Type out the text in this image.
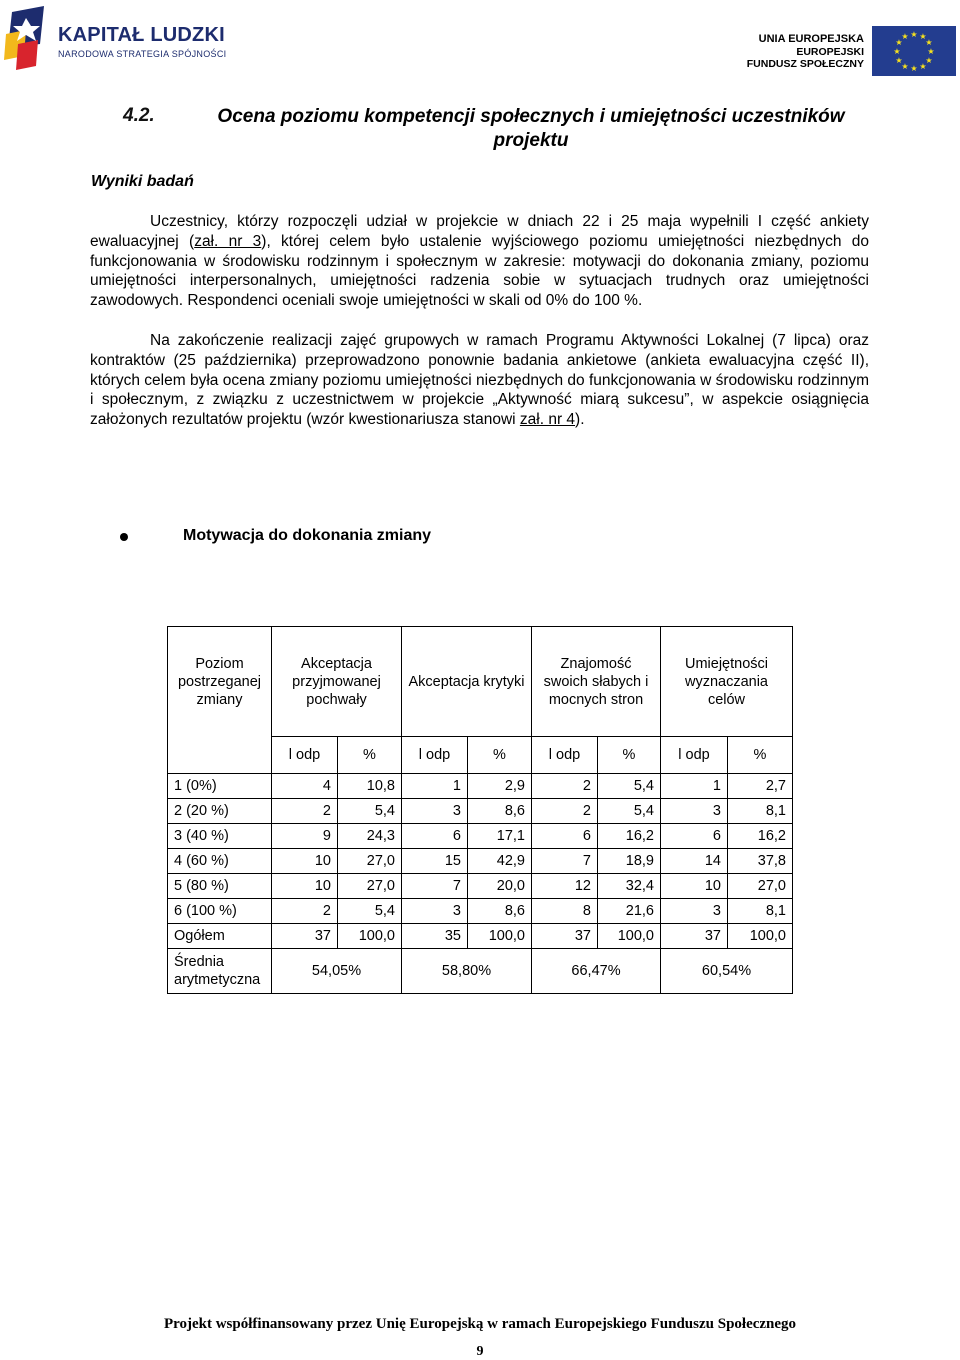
KAPITAŁ LUDZKI
NARODOWA STRATEGIA SPÓJNOŚCI
UNIA EUROPEJSKA
EUROPEJSKI
FUNDUSZ SPOŁECZNY
★ ★
★
★
★
★
★
★
★
★
★
★
4.2.	Ocena poziomu kompetencji społecznych i umiejętności uczestników projektu
Wyniki badań
Uczestnicy, którzy rozpoczęli udział w projekcie w dniach 22 i 25 maja wypełnili I część ankiety ewaluacyjnej (zał. nr 3), której celem było ustalenie wyjściowego poziomu umiejętności niezbędnych do funkcjonowania w środowisku rodzinnym i społecznym w zakresie: motywacji do dokonania zmiany, poziomu umiejętności interpersonalnych, umiejętności radzenia sobie w sytuacjach trudnych oraz umiejętności zawodowych. Respondenci oceniali swoje umiejętności w skali od 0% do 100 %.
Na zakończenie realizacji zajęć grupowych w ramach Programu Aktywności Lokalnej (7 lipca) oraz kontraktów (25 października) przeprowadzono ponownie badania ankietowe (ankieta ewaluacyjna część II), których celem była ocena zmiany poziomu umiejętności niezbędnych do funkcjonowania w środowisku rodzinnym i społecznym, z związku z uczestnictwem w projekcie „Aktywność miarą sukcesu”, w aspekcie osiągnięcia założonych rezultatów projektu (wzór kwestionariusza stanowi zał. nr 4).
Motywacja do dokonania zmiany
Poziom postrzeganej zmiany	Akceptacja przyjmowanej pochwały		Akceptacja krytyki		Znajomość swoich słabych i mocnych stron		Umiejętności wyznaczania celów	
	l odp	%	l odp	%	l odp	%	l odp	%
1 (0%)	4	10,8	1	2,9	2	5,4	1	2,7
2 (20 %)	2	5,4	3	8,6	2	5,4	3	8,1
3 (40 %)	9	24,3	6	17,1	6	16,2	6	16,2
4 (60 %)	10	27,0	15	42,9	7	18,9	14	37,8
5 (80 %)	10	27,0	7	20,0	12	32,4	10	27,0
6 (100 %)	2	5,4	3	8,6	8	21,6	3	8,1
Ogółem	37	100,0	35	100,0	37	100,0	37	100,0
Średnia arytmetyczna	54,05%		58,80%		66,47%		60,54%	
Projekt współfinansowany przez Unię Europejską w ramach Europejskiego Funduszu Społecznego
9
